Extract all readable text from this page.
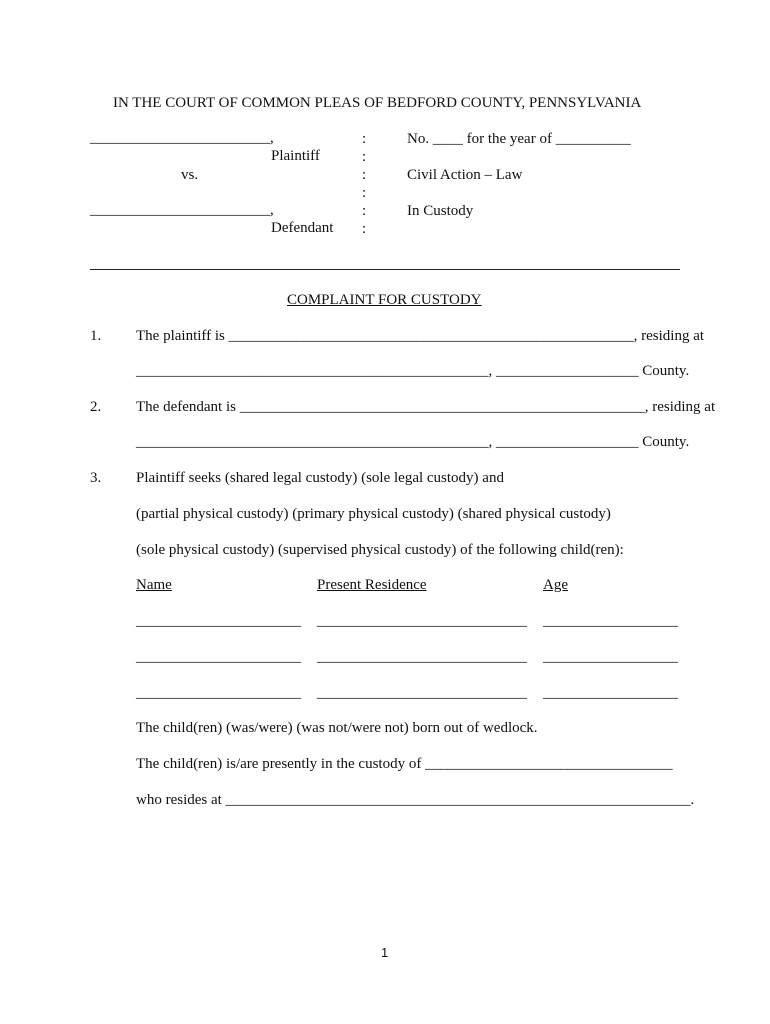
IN THE COURT OF COMMON PLEAS OF BEDFORD COUNTY, PENNSYLVANIA
________________________,
Plaintiff
vs.
________________________,
Defendant
:
:
:
:
:
:
No. ____ for the year of __________
Civil Action – Law
In Custody
COMPLAINT FOR CUSTODY
1. The plaintiff is ______________________________________________________, residing at
_______________________________________________, ___________________ County.
2. The defendant is ______________________________________________________, residing at
_______________________________________________, ___________________ County.
3. Plaintiff seeks (shared legal custody) (sole legal custody) and
(partial physical custody) (primary physical custody) (shared physical custody)
(sole physical custody) (supervised physical custody) of the following child(ren):
Name	Present Residence	Age
______________________ ____________________________ __________________
______________________ ____________________________ __________________
______________________ ____________________________ __________________
The child(ren) (was/were) (was not/were not) born out of wedlock.
The child(ren) is/are presently in the custody of _________________________________
who resides at ______________________________________________________________.
1
